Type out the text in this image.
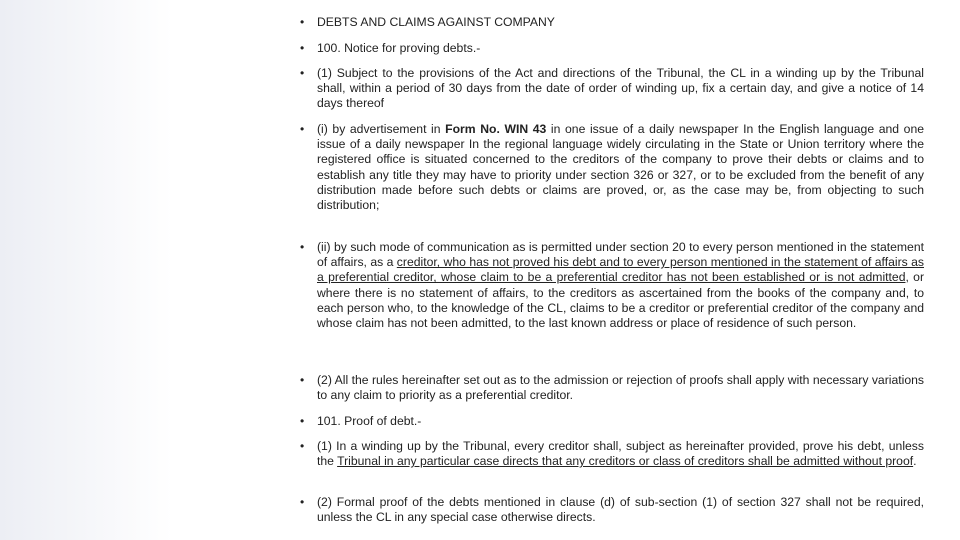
• DEBTS AND CLAIMS AGAINST COMPANY
• 100. Notice for proving debts.-
• (1) Subject to the provisions of the Act and directions of the Tribunal, the CL in a winding up by the Tribunal shall, within a period of 30 days from the date of order of winding up, fix a certain day, and give a notice of 14 days thereof
• (i) by advertisement in Form No. WIN 43 in one issue of a daily newspaper In the English language and one issue of a daily newspaper In the regional language widely circulating in the State or Union territory where the registered office is situated concerned to the creditors of the company to prove their debts or claims and to establish any title they may have to priority under section 326 or 327, or to be excluded from the benefit of any distribution made before such debts or claims are proved, or, as the case may be, from objecting to such distribution;
• (ii) by such mode of communication as is permitted under section 20 to every person mentioned in the statement of affairs, as a creditor, who has not proved his debt and to every person mentioned in the statement of affairs as a preferential creditor, whose claim to be a preferential creditor has not been established or is not admitted, or where there is no statement of affairs, to the creditors as ascertained from the books of the company and, to each person who, to the knowledge of the CL, claims to be a creditor or preferential creditor of the company and whose claim has not been admitted, to the last known address or place of residence of such person.
• (2) All the rules hereinafter set out as to the admission or rejection of proofs shall apply with necessary variations to any claim to priority as a preferential creditor.
• 101. Proof of debt.-
• (1) In a winding up by the Tribunal, every creditor shall, subject as hereinafter provided, prove his debt, unless the Tribunal in any particular case directs that any creditors or class of creditors shall be admitted without proof.
• (2) Formal proof of the debts mentioned in clause (d) of sub-section (1) of section 327 shall not be required, unless the CL in any special case otherwise directs.
